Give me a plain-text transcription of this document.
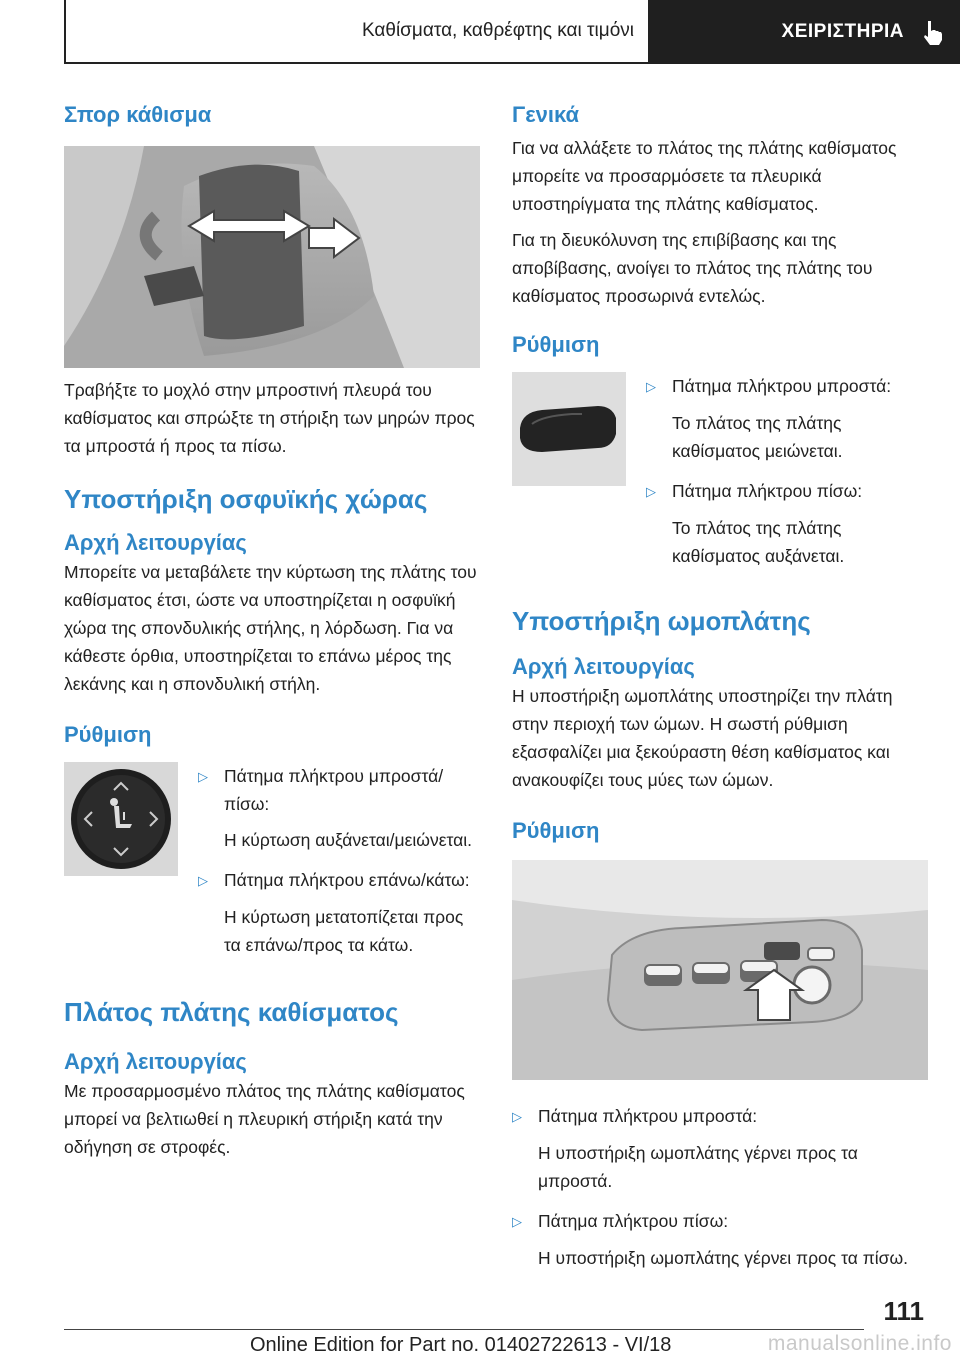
Καθίσματα, καθρέφτης και τιμόνι	ΧΕΙΡΙΣΤΗΡΙΑ
Σπορ κάθισμα

Τραβήξτε το μοχλό στην μπροστινή πλευρά του καθίσματος και σπρώξτε τη στήριξη των μηρών προς τα μπροστά ή προς τα πίσω.

Υποστήριξη οσφυϊκής χώρας
Αρχή λειτουργίας

Μπορείτε να μεταβάλετε την κύρτωση της πλάτης του καθίσματος έτσι, ώστε να υποστηρίζεται η οσφυϊκή χώρα της σπονδυλικής στήλης, η λόρδωση. Για να κάθεστε όρθια, υποστηρίζεται το επάνω μέρος της λεκάνης και η σπονδυλική στήλη.

Ρύθμιση
▷ Πάτημα πλήκτρου μπροστά/πίσω:
Η κύρτωση αυξάνεται/μειώνεται.
▷ Πάτημα πλήκτρου επάνω/κάτω:
Η κύρτωση μετατοπίζεται προς τα επάνω/προς τα κάτω.
Πλάτος πλάτης καθίσματος
Αρχή λειτουργίας

Με προσαρμοσμένο πλάτος της πλάτης καθίσματος μπορεί να βελτιωθεί η πλευρική στήριξη κατά την οδήγηση σε στροφές.

Γενικά

Για να αλλάξετε το πλάτος της πλάτης καθίσματος μπορείτε να προσαρμόσετε τα πλευρικά υποστηρίγματα της πλάτης καθίσματος.

Για τη διευκόλυνση της επιβίβασης και της αποβίβασης, ανοίγει το πλάτος της πλάτης του καθίσματος προσωρινά εντελώς.

Ρύθμιση
▷ Πάτημα πλήκτρου μπροστά:
Το πλάτος της πλάτης καθίσματος μειώνεται.
▷ Πάτημα πλήκτρου πίσω:
Το πλάτος της πλάτης καθίσματος αυξάνεται.
Υποστήριξη ωμοπλάτης
Αρχή λειτουργίας

Η υποστήριξη ωμοπλάτης υποστηρίζει την πλάτη στην περιοχή των ώμων. Η σωστή ρύθμιση εξασφαλίζει μια ξεκούραστη θέση καθίσματος και ανακουφίζει τους μύες των ώμων.

Ρύθμιση
▷ Πάτημα πλήκτρου μπροστά:
Η υποστήριξη ωμοπλάτης γέρνει προς τα μπροστά.
▷ Πάτημα πλήκτρου πίσω:
Η υποστήριξη ωμοπλάτης γέρνει προς τα πίσω.
111
Online Edition for Part no. 01402722613 - VI/18	manualsonline.info
